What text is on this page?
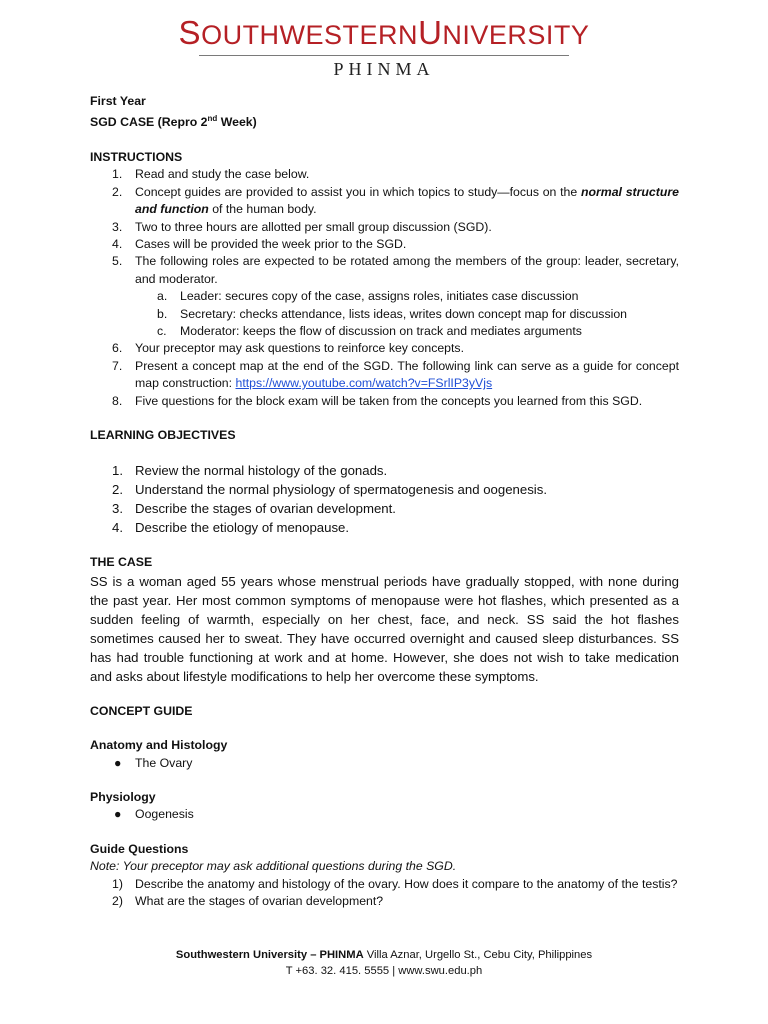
SOUTHWESTERNUNIVERSITY
PHINMA

First Year

SGD CASE (Repro 2nd Week)

INSTRUCTIONS

1. Read and study the case below.
2. Concept guides are provided to assist you in which topics to study—focus on the normal structure and function of the human body.
3. Two to three hours are allotted per small group discussion (SGD).
4. Cases will be provided the week prior to the SGD.
5. The following roles are expected to be rotated among the members of the group: leader, secretary, and moderator.
a. Leader: secures copy of the case, assigns roles, initiates case discussion
b. Secretary: checks attendance, lists ideas, writes down concept map for discussion
c. Moderator: keeps the flow of discussion on track and mediates arguments
6. Your preceptor may ask questions to reinforce key concepts.
7. Present a concept map at the end of the SGD. The following link can serve as a guide for concept map construction: https://www.youtube.com/watch?v=FSrlIP3yVjs
8. Five questions for the block exam will be taken from the concepts you learned from this SGD.

LEARNING OBJECTIVES

1. Review the normal histology of the gonads.
2. Understand the normal physiology of spermatogenesis and oogenesis.
3. Describe the stages of ovarian development.
4. Describe the etiology of menopause.

THE CASE

SS is a woman aged 55 years whose menstrual periods have gradually stopped, with none during the past year. Her most common symptoms of menopause were hot flashes, which presented as a sudden feeling of warmth, especially on her chest, face, and neck. SS said the hot flashes sometimes caused her to sweat. They have occurred overnight and caused sleep disturbances. SS has had trouble functioning at work and at home. However, she does not wish to take medication and asks about lifestyle modifications to help her overcome these symptoms.

CONCEPT GUIDE

Anatomy and Histology

● The Ovary

Physiology

● Oogenesis

Guide Questions

Note: Your preceptor may ask additional questions during the SGD.

1) Describe the anatomy and histology of the ovary. How does it compare to the anatomy of the testis?
2) What are the stages of ovarian development?
Southwestern University – PHINMA Villa Aznar, Urgello St., Cebu City, Philippines
T +63. 32. 415. 5555 | www.swu.edu.ph
